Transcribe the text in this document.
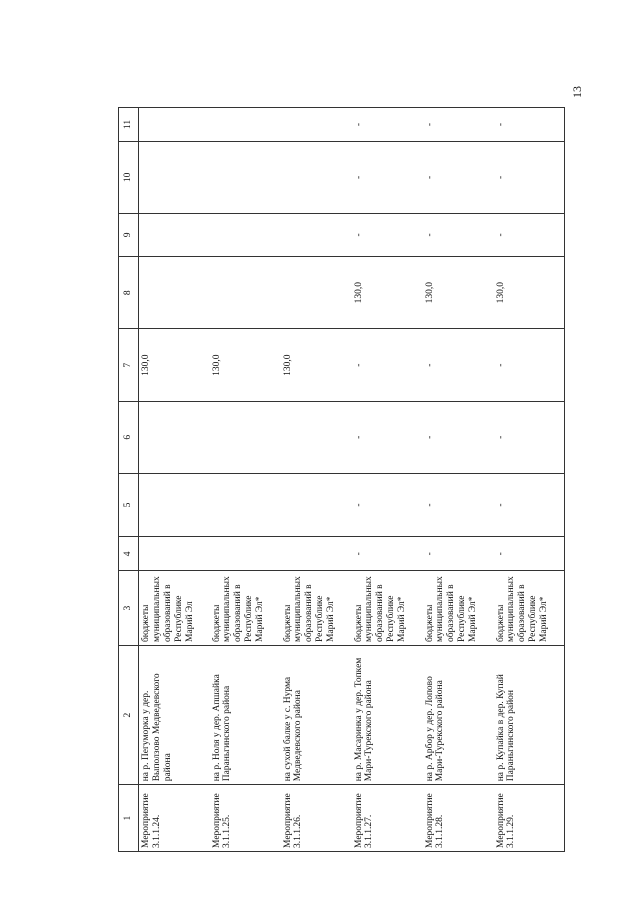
13
1	2	3	4	5	6	7	8	9	10	11
Мероприятие 3.1.1.24.	на р. Пегуморка у дер. Выползово Медведевского района	бюджеты муниципальных образований в Республике Марий Эл				130,0				
Мероприятие 3.1.1.25.	на р. Ноля у дер. Апшайка Параньгинского района	бюджеты муниципальных образований в Республике Марий Эл*				130,0				
Мероприятие 3.1.1.26.	на сухой балке у с. Нурма Медведевского района	бюджеты муниципальных образований в Республике Марий Эл*				130,0				
Мероприятие 3.1.1.27.	на р. Масаринка у дер. Топкем Мари-Турекского района	бюджеты муниципальных образований в Республике Марий Эл*	-	-	-	-	130,0	-	-	-
Мероприятие 3.1.1.28.	на р. Арбор у дер. Лопово Мари-Турекского района	бюджеты муниципальных образований в Республике Марий Эл*	-	-	-	-	130,0	-	-	-
Мероприятие 3.1.1.29.	на р. Купайка в дер. Купай Параньгинского район	бюджеты муниципальных образований в Республике Марий Эл*	-	-	-	-	130,0	-	-	-
